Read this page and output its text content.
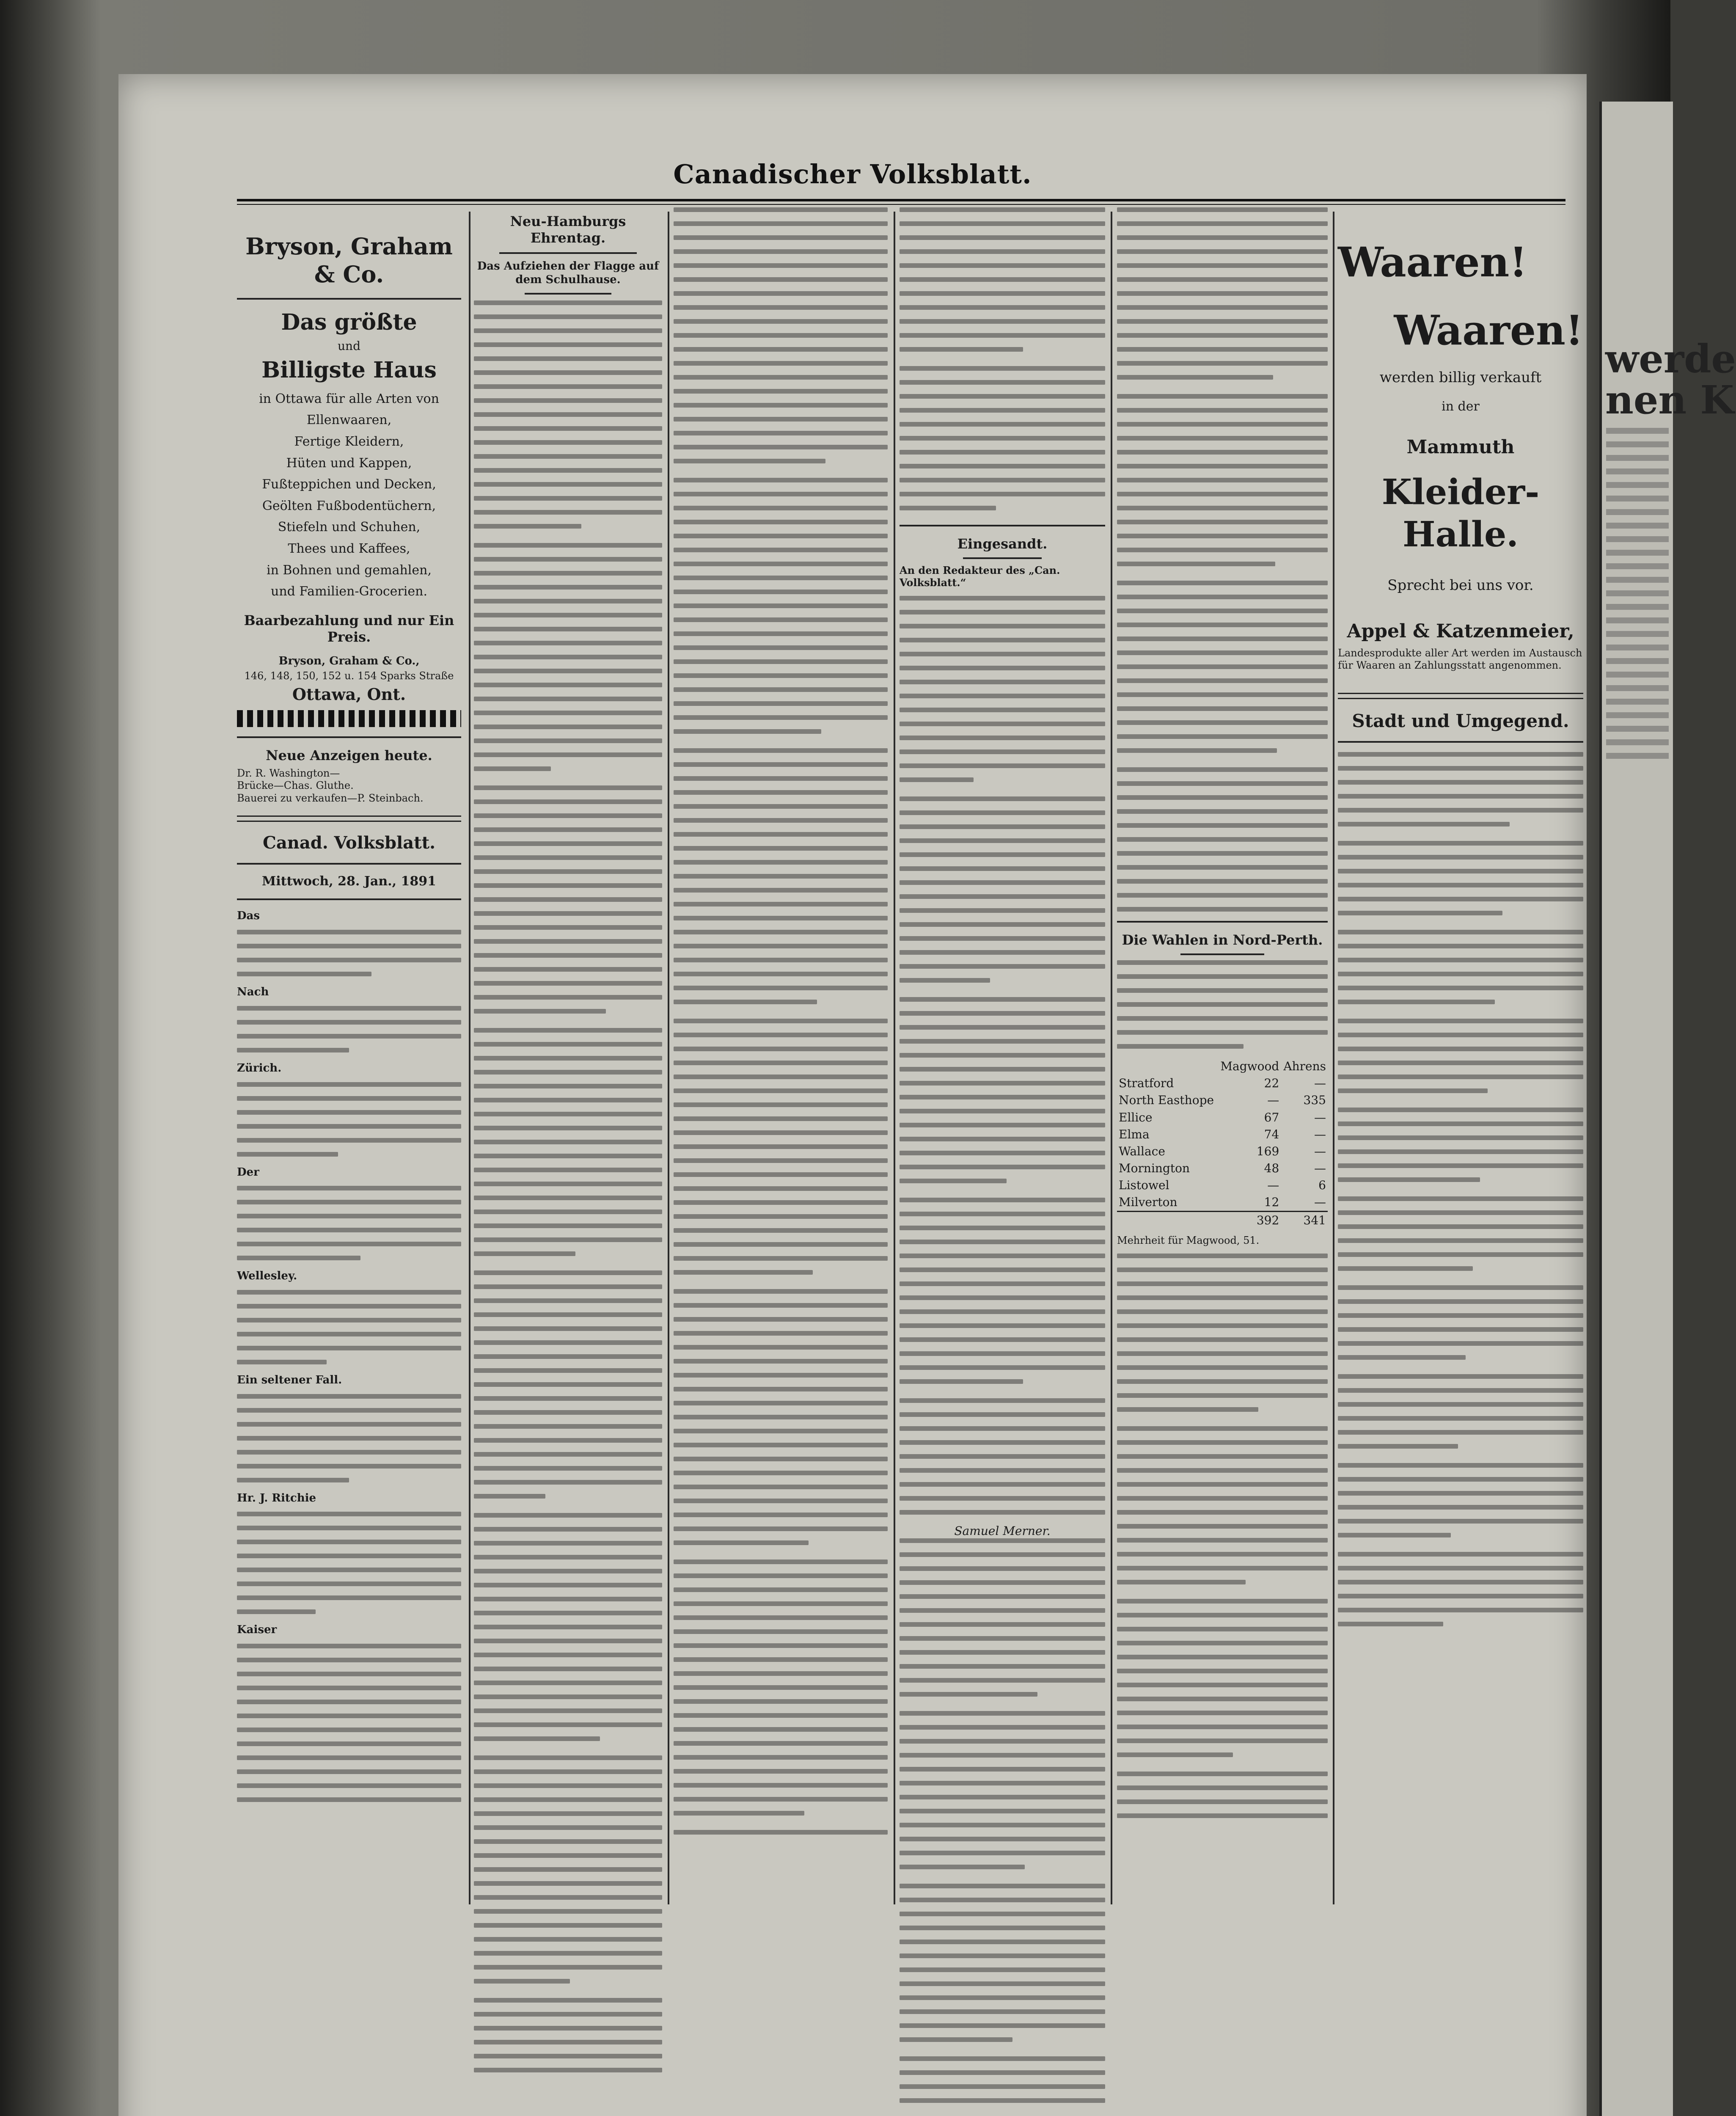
werde
nen K
Canadischer Volksblatt.
Bryson, Graham & Co.
Das größte
und
Billigste Haus
in Ottawa für alle Arten von
Ellenwaaren,
Fertige Kleidern,
Hüten und Kappen,
Fußteppichen und Decken,
Geölten Fußbodentüchern,
Stiefeln und Schuhen,
Thees und Kaffees,
in Bohnen und gemahlen,
und Familien-Grocerien.
Baarbezahlung und nur Ein Preis.
Bryson, Graham & Co.,
146, 148, 150, 152 u. 154 Sparks Straße
Ottawa, Ont.
Neue Anzeigen heute.
Dr. R. Washington—
Brücke—Chas. Gluthe.
Bauerei zu verkaufen—P. Steinbach.
Canad. Volksblatt.
Mittwoch, 28. Jan., 1891
Das
Nach
Zürich.
Der
Wellesley.
Ein seltener Fall.
Hr. J. Ritchie
Kaiser
Neu-Hamburgs Ehrentag.
Das Aufziehen der Flagge auf dem Schulhause.
Eingesandt.
An den Redakteur des „Can. Volksblatt.“
Samuel Merner.
Die Wahlen in Nord-Perth.
	Magwood	Ahrens
Stratford	22	—
North Easthope	—	335
Ellice	67	—
Elma	74	—
Wallace	169	—
Mornington	48	—
Listowel	—	6
Milverton	12	—
	392	341
Mehrheit für Magwood, 51.
Waaren!
Waaren!
werden billig verkauft
in der
Mammuth
Kleider-Halle.
Sprecht bei uns vor.
Appel & Katzenmeier,
Landesprodukte aller Art werden im Austausch für Waaren an Zahlungsstatt angenommen.
Stadt und Umgegend.
